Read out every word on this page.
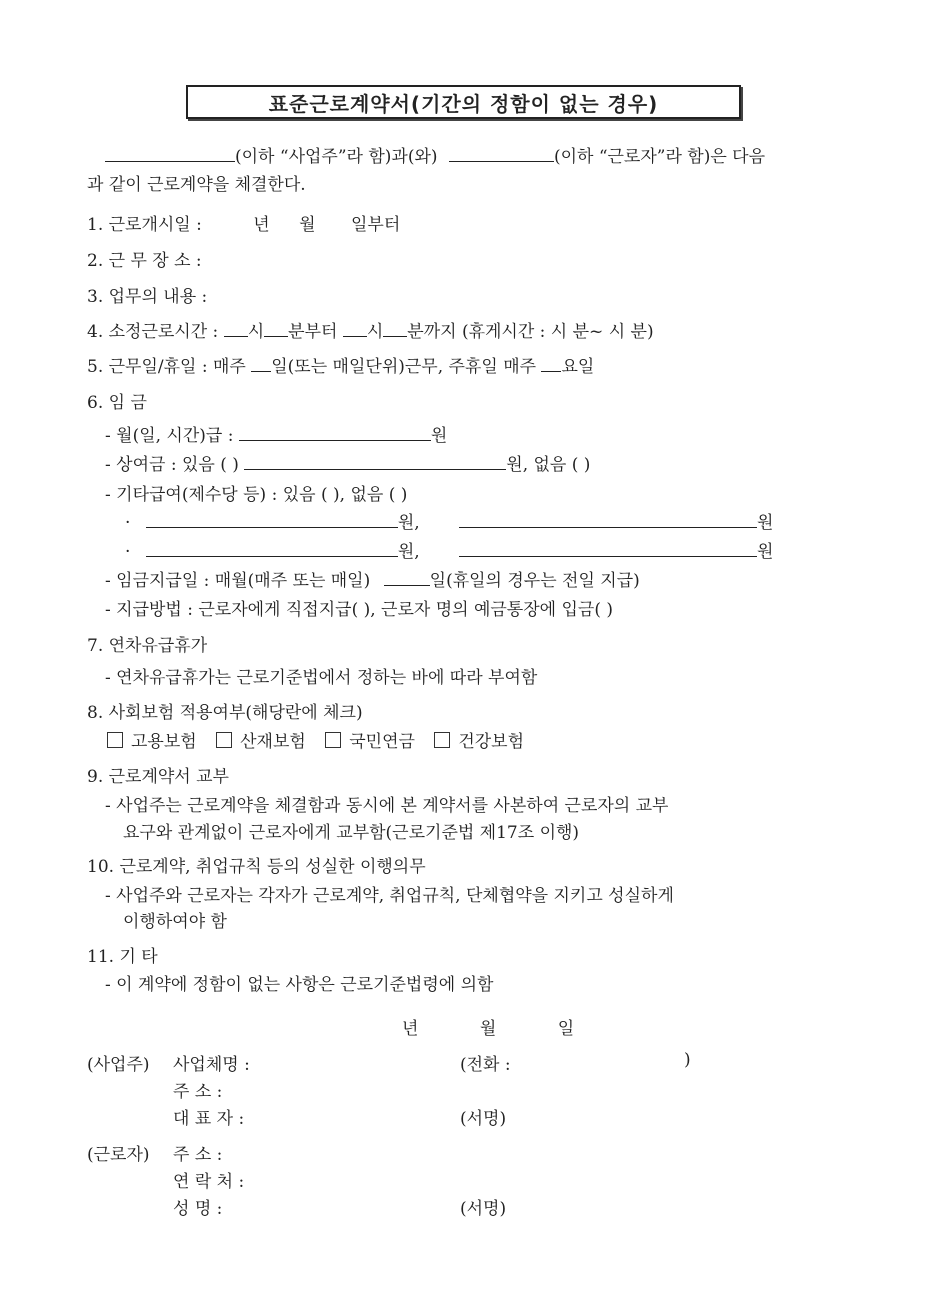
표준근로계약서(기간의 정함이 없는 경우)
(이하 “사업주”라 함)과(와)	(이하 “근로자”라 함)은 다음
과 같이 근로계약을 체결한다.
1. 근로개시일 :	년 월 일부터
2. 근 무 장 소 :
3. 업무의 내용 :
4. 소정근로시간 : 시 분부터 시 분까지 (휴게시간 : 시 분~ 시 분)
5. 근무일/휴일 : 매주 일(또는 매일단위)근무, 주휴일 매주 요일
6. 임 금
- 월(일, 시간)급 :	원
- 상여금 : 있음 ( )	원, 없음 ( )
- 기타급여(제수당 등) : 있음 ( ), 없음 ( )
·	원,	원
·	원,	원
- 임금지급일 : 매월(매주 또는 매일)	일(휴일의 경우는 전일 지급)
- 지급방법 : 근로자에게 직접지급( ), 근로자 명의 예금통장에 입금( )
7. 연차유급휴가
- 연차유급휴가는 근로기준법에서 정하는 바에 따라 부여함
8. 사회보험 적용여부(해당란에 체크)
고용보험	산재보험	국민연금	건강보험
9. 근로계약서 교부
- 사업주는 근로계약을 체결함과 동시에 본 계약서를 사본하여 근로자의 교부
요구와 관계없이 근로자에게 교부함(근로기준법 제17조 이행)
10. 근로계약, 취업규칙 등의 성실한 이행의무
- 사업주와 근로자는 각자가 근로계약, 취업규칙, 단체협약을 지키고 성실하게
이행하여야 함
11. 기 타
- 이 계약에 정함이 없는 사항은 근로기준법령에 의함
년	월	일
(사업주) 사업체명 :	(전화 :	)
주 소 :
대 표 자 :	(서명)
(근로자) 주 소 :
연 락 처 :
성 명 :	(서명)
